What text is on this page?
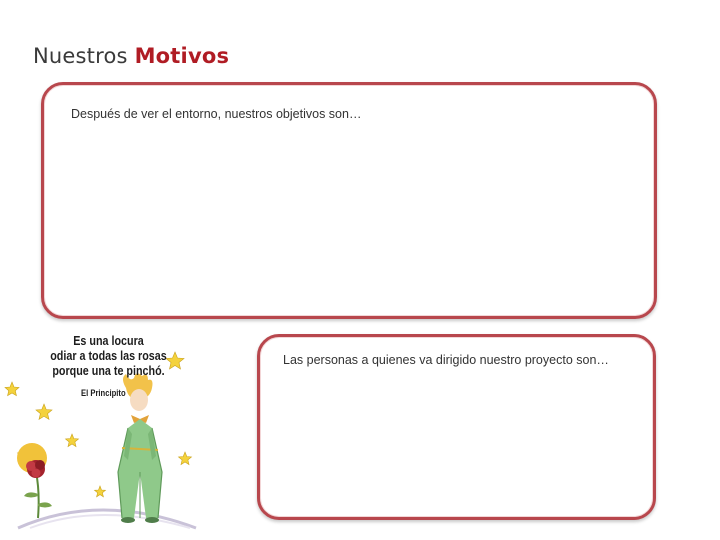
Nuestros Motivos
Después de ver el entorno, nuestros objetivos son…
Las personas a quienes va dirigido nuestro proyecto son…
Es una locura
odiar a todas las rosas
porque una te pinchó.
El Principito
